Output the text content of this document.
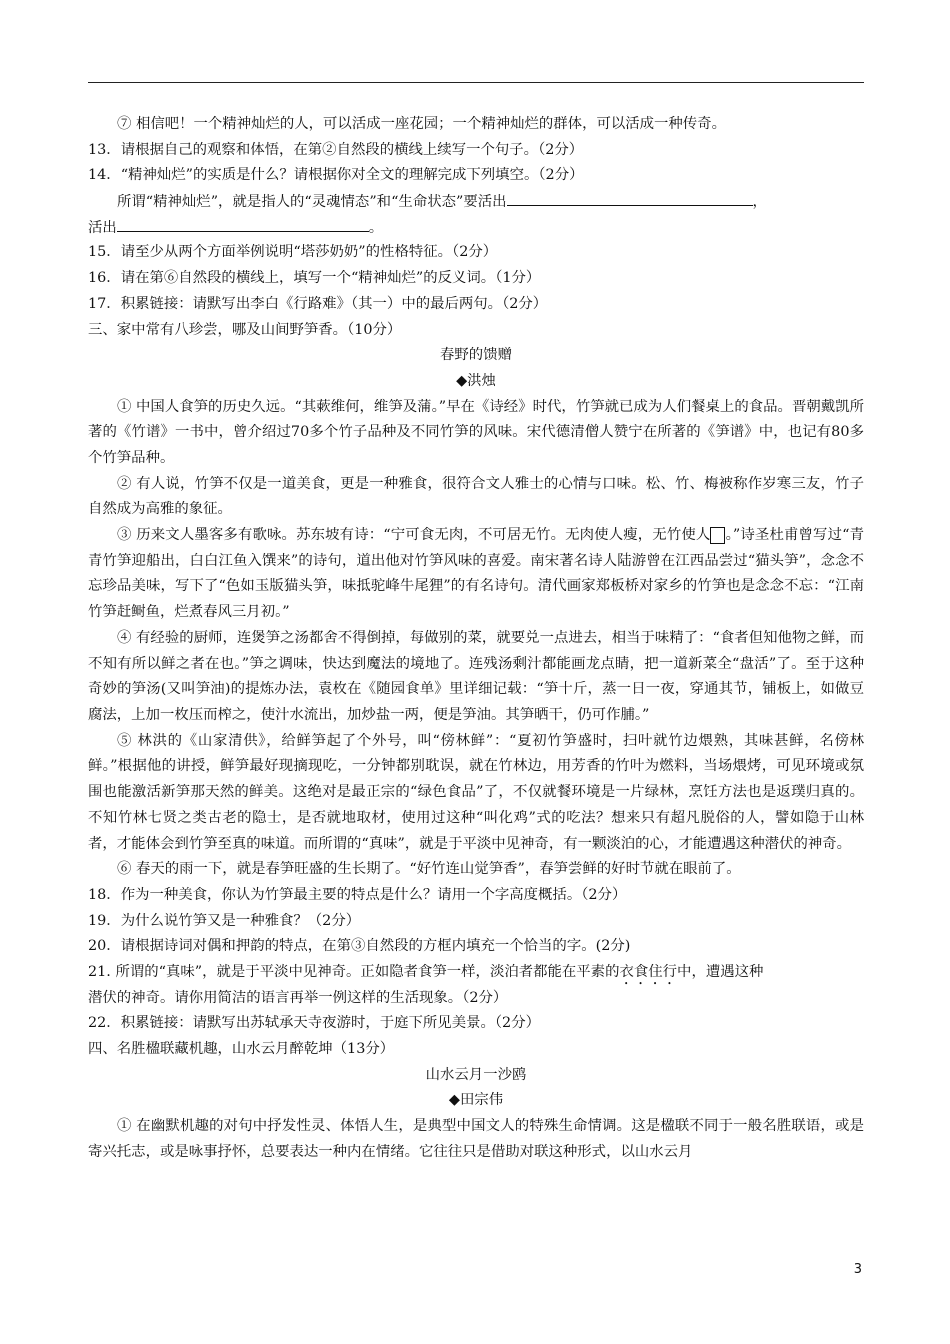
⑦ 相信吧！一个精神灿烂的人，可以活成一座花园；一个精神灿烂的群体，可以活成一种传奇。
13．请根据自己的观察和体悟，在第②自然段的横线上续写一个句子。（2分）
14．“精神灿烂”的实质是什么？请根据你对全文的理解完成下列填空。（2分）
所谓“精神灿烂”，就是指人的“灵魂情态”和“生命状态”要活出	，
活出	。
15．请至少从两个方面举例说明“塔莎奶奶”的性格特征。（2分）
16．请在第⑥自然段的横线上，填写一个“精神灿烂”的反义词。（1分）
17．积累链接：请默写出李白《行路难》（其一）中的最后两句。（2分）
三、家中常有八珍尝，哪及山间野笋香。（10分）
春野的馈赠
◆洪烛
① 中国人食笋的历史久远。“其蔌维何，维笋及蒲。”早在《诗经》时代，竹笋就已成为人们餐桌上的食品。晋朝戴凯所著的《竹谱》一书中，曾介绍过70多个竹子品种及不同竹笋的风味。宋代德清僧人赞宁在所著的《笋谱》中，也记有80多个竹笋品种。
② 有人说，竹笋不仅是一道美食，更是一种雅食，很符合文人雅士的心情与口味。松、竹、梅被称作岁寒三友，竹子自然成为高雅的象征。
③ 历来文人墨客多有歌咏。苏东坡有诗：“宁可食无肉，不可居无竹。无肉使人瘦，无竹使人 。”诗圣杜甫曾写过“青青竹笋迎船出，白白江鱼入馔来”的诗句，道出他对竹笋风味的喜爱。南宋著名诗人陆游曾在江西品尝过“猫头笋”，念念不忘珍品美味，写下了“色如玉版猫头笋，味抵驼峰牛尾狸”的有名诗句。清代画家郑板桥对家乡的竹笋也是念念不忘：“江南竹笋赶鲥鱼，烂煮春风三月初。”
④ 有经验的厨师，连煲笋之汤都舍不得倒掉，每做别的菜，就要兑一点进去，相当于味精了：“食者但知他物之鲜，而不知有所以鲜之者在也。”笋之调味，快达到魔法的境地了。连残汤剩汁都能画龙点睛，把一道新菜全“盘活”了。至于这种奇妙的笋汤(又叫笋油)的提炼办法，袁枚在《随园食单》里详细记载：“笋十斤，蒸一日一夜，穿通其节，铺板上，如做豆腐法，上加一枚压而榨之，使汁水流出，加炒盐一两，便是笋油。其笋晒干，仍可作脯。”
⑤ 林洪的《山家清供》，给鲜笋起了个外号，叫“傍林鲜”：“夏初竹笋盛时，扫叶就竹边煨熟，其味甚鲜，名傍林鲜。”根据他的讲授，鲜笋最好现摘现吃，一分钟都别耽误，就在竹林边，用芳香的竹叶为燃料，当场煨烤，可见环境或氛围也能激活新笋那天然的鲜美。这绝对是最正宗的“绿色食品”了，不仅就餐环境是一片绿林，烹饪方法也是返璞归真的。不知竹林七贤之类古老的隐士，是否就地取材，使用过这种“叫化鸡”式的吃法？想来只有超凡脱俗的人，譬如隐于山林者，才能体会到竹笋至真的味道。而所谓的“真味”，就是于平淡中见神奇，有一颗淡泊的心，才能遭遇这种潜伏的神奇。
⑥ 春天的雨一下，就是春笋旺盛的生长期了。“好竹连山觉笋香”，春笋尝鲜的好时节就在眼前了。
18．作为一种美食，你认为竹笋最主要的特点是什么？请用一个字高度概括。（2分）
19．为什么说竹笋又是一种雅食？（2分）
20．请根据诗词对偶和押韵的特点，在第③自然段的方框内填充一个恰当的字。(2分)
21. 所谓的“真味”，就是于平淡中见神奇。正如隐者食笋一样，淡泊者都能在平素的衣食住行中，遭遇这种
潜伏的神奇。请你用简洁的语言再举一例这样的生活现象。（2分）
22．积累链接：请默写出苏轼承天寺夜游时，于庭下所见美景。（2分）
四、名胜楹联藏机趣，山水云月醉乾坤（13分）
山水云月一沙鸥
◆田宗伟
① 在幽默机趣的对句中抒发性灵、体悟人生，是典型中国文人的特殊生命情调。这是楹联不同于一般名胜联语，或是寄兴托志，或是咏事抒怀，总要表达一种内在情绪。它往往只是借助对联这种形式，以山水云月
3
